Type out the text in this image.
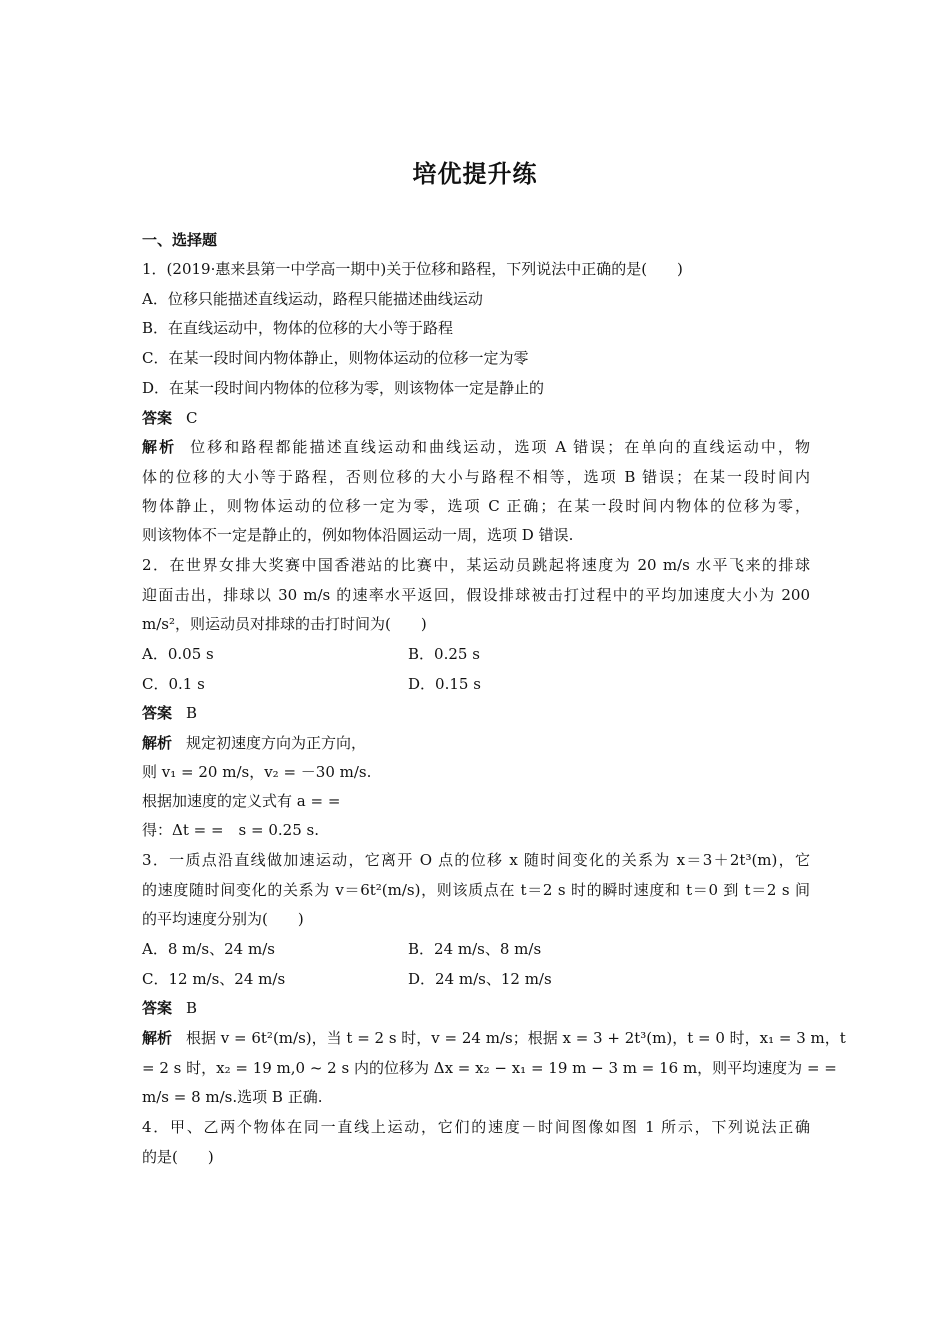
培优提升练
一、选择题
1．(2019·惠来县第一中学高一期中)关于位移和路程，下列说法中正确的是(　　)
A．位移只能描述直线运动，路程只能描述曲线运动
B．在直线运动中，物体的位移的大小等于路程
C．在某一段时间内物体静止，则物体运动的位移一定为零
D．在某一段时间内物体的位移为零，则该物体一定是静止的
答案 C
解析 位移和路程都能描述直线运动和曲线运动，选项 A 错误；在单向的直线运动中，物
体的位移的大小等于路程，否则位移的大小与路程不相等，选项 B 错误；在某一段时间内
物体静止，则物体运动的位移一定为零，选项 C 正确；在某一段时间内物体的位移为零，
则该物体不一定是静止的，例如物体沿圆运动一周，选项 D 错误.
2．在世界女排大奖赛中国香港站的比赛中，某运动员跳起将速度为 20 m/s 水平飞来的排球
迎面击出，排球以 30 m/s 的速率水平返回，假设排球被击打过程中的平均加速度大小为 200
m/s²，则运动员对排球的击打时间为(　　)
A．0.05 s	B．0.25 s
C．0.1 s	D．0.15 s
答案 B
解析 规定初速度方向为正方向，
则 v₁ = 20 m/s，v₂ = －30 m/s.
根据加速度的定义式有 a = =
得：Δt = =　s = 0.25 s.
3．一质点沿直线做加速运动，它离开 O 点的位移 x 随时间变化的关系为 x＝3＋2t³(m)，它
的速度随时间变化的关系为 v＝6t²(m/s)，则该质点在 t＝2 s 时的瞬时速度和 t＝0 到 t＝2 s 间
的平均速度分别为(　　)
A．8 m/s、24 m/s	B．24 m/s、8 m/s
C．12 m/s、24 m/s	D．24 m/s、12 m/s
答案 B
解析 根据 v = 6t²(m/s)，当 t = 2 s 时，v = 24 m/s；根据 x = 3 + 2t³(m)，t = 0 时，x₁ = 3 m，t
= 2 s 时，x₂ = 19 m,0 ~ 2 s 内的位移为 Δx = x₂ − x₁ = 19 m − 3 m = 16 m，则平均速度为 = =
m/s = 8 m/s.选项 B 正确.
4．甲、乙两个物体在同一直线上运动，它们的速度－时间图像如图 1 所示，下列说法正确
的是(　　)
